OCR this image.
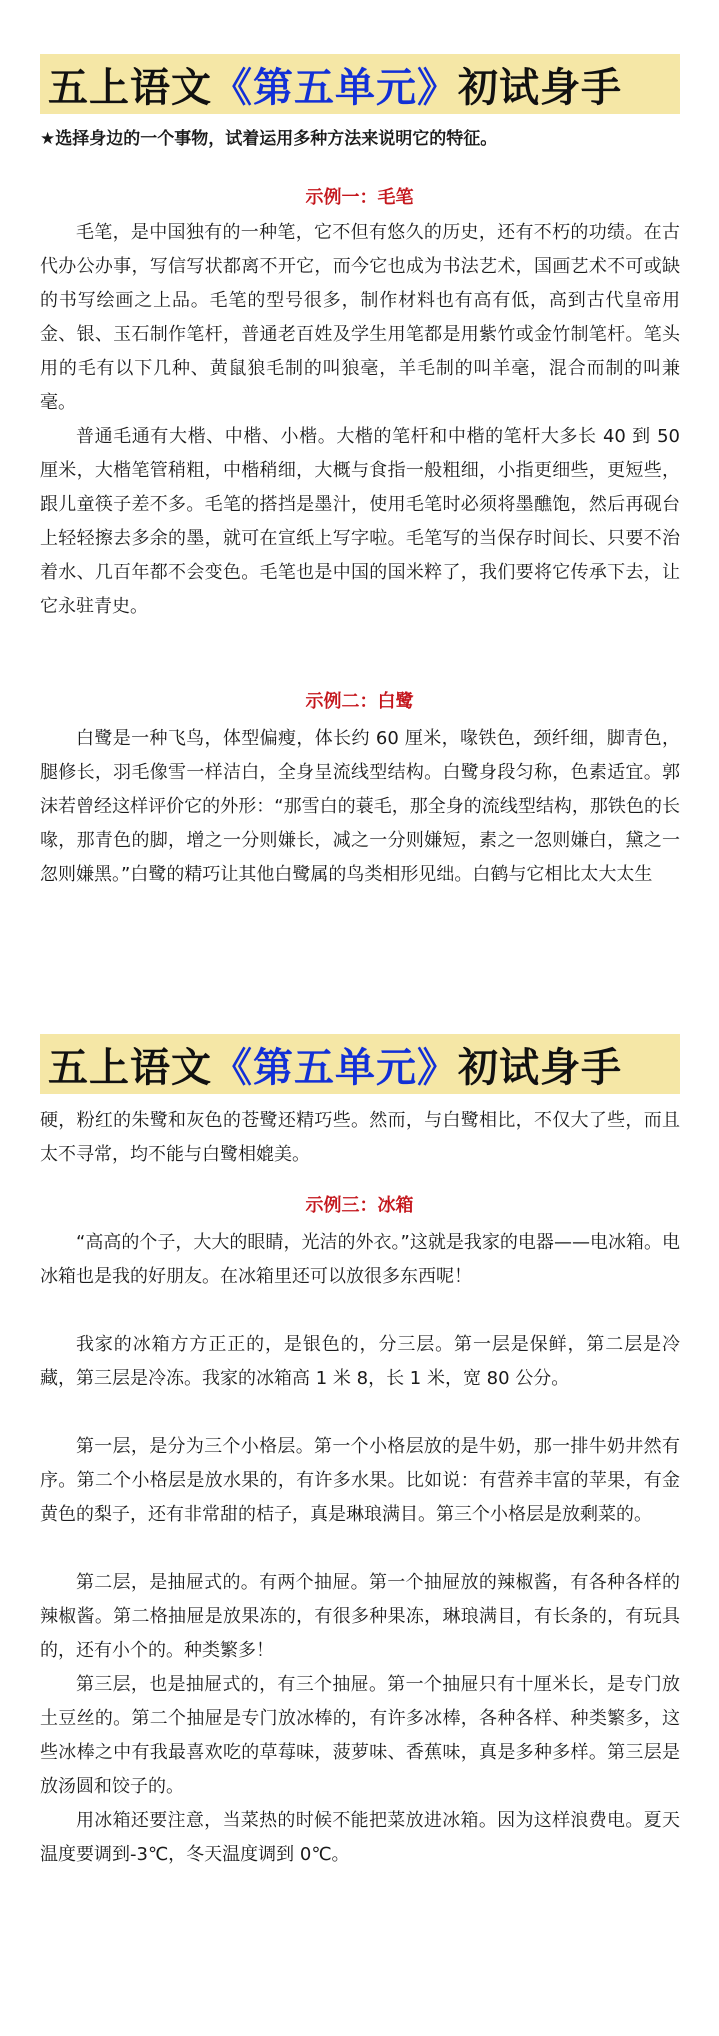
五上语文 《第五单元》 初试身手
★选择身边的一个事物，试着运用多种方法来说明它的特征。
示例一：毛笔

毛笔，是中国独有的一种笔，它不但有悠久的历史，还有不朽的功绩。在古代办公办事，写信写状都离不开它，而今它也成为书法艺术，国画艺术不可或缺的书写绘画之上品。毛笔的型号很多，制作材料也有高有低，高到古代皇帝用金、银、玉石制作笔杆，普通老百姓及学生用笔都是用紫竹或金竹制笔杆。笔头用的毛有以下几种、黄鼠狼毛制的叫狼毫，羊毛制的叫羊毫，混合而制的叫兼毫。

普通毛通有大楷、中楷、小楷。大楷的笔杆和中楷的笔杆大多长 40 到 50 厘米，大楷笔管稍粗，中楷稍细，大概与食指一般粗细，小指更细些，更短些，跟儿童筷子差不多。毛笔的搭挡是墨汁，使用毛笔时必须将墨醮饱，然后再砚台上轻轻擦去多余的墨，就可在宣纸上写字啦。毛笔写的当保存时间长、只要不治着水、几百年都不会变色。毛笔也是中国的国米粹了，我们要将它传承下去，让它永驻青史。

示例二：白鹭

白鹭是一种飞鸟，体型偏瘦，体长约 60 厘米，喙铁色，颈纤细，脚青色，腿修长，羽毛像雪一样洁白，全身呈流线型结构。白鹭身段匀称，色素适宜。郭沫若曾经这样评价它的外形：“那雪白的蓑毛，那全身的流线型结构，那铁色的长喙，那青色的脚，增之一分则嫌长，减之一分则嫌短，素之一忽则嫌白，黛之一忽则嫌黑。”白鹭的精巧让其他白鹭属的鸟类相形见绌。白鹤与它相比太大太生

五上语文 《第五单元》 初试身手

硬，粉红的朱鹭和灰色的苍鹭还精巧些。然而，与白鹭相比，不仅大了些，而且太不寻常，均不能与白鹭相媲美。

示例三：冰箱

“高高的个子，大大的眼睛，光洁的外衣。”这就是我家的电器——电冰箱。电冰箱也是我的好朋友。在冰箱里还可以放很多东西呢！

我家的冰箱方方正正的，是银色的，分三层。第一层是保鲜，第二层是冷藏，第三层是冷冻。我家的冰箱高 1 米 8，长 1 米，宽 80 公分。

第一层，是分为三个小格层。第一个小格层放的是牛奶，那一排牛奶井然有序。第二个小格层是放水果的，有许多水果。比如说：有营养丰富的苹果，有金黄色的梨子，还有非常甜的桔子，真是琳琅满目。第三个小格层是放剩菜的。

第二层，是抽屉式的。有两个抽屉。第一个抽屉放的辣椒酱，有各种各样的辣椒酱。第二格抽屉是放果冻的，有很多种果冻，琳琅满目，有长条的，有玩具的，还有小个的。种类繁多！

第三层，也是抽屉式的，有三个抽屉。第一个抽屉只有十厘米长，是专门放土豆丝的。第二个抽屉是专门放冰棒的，有许多冰棒，各种各样、种类繁多，这些冰棒之中有我最喜欢吃的草莓味，菠萝味、香蕉味，真是多种多样。第三层是放汤圆和饺子的。

用冰箱还要注意，当菜热的时候不能把菜放进冰箱。因为这样浪费电。夏天温度要调到-3℃，冬天温度调到 0℃。
